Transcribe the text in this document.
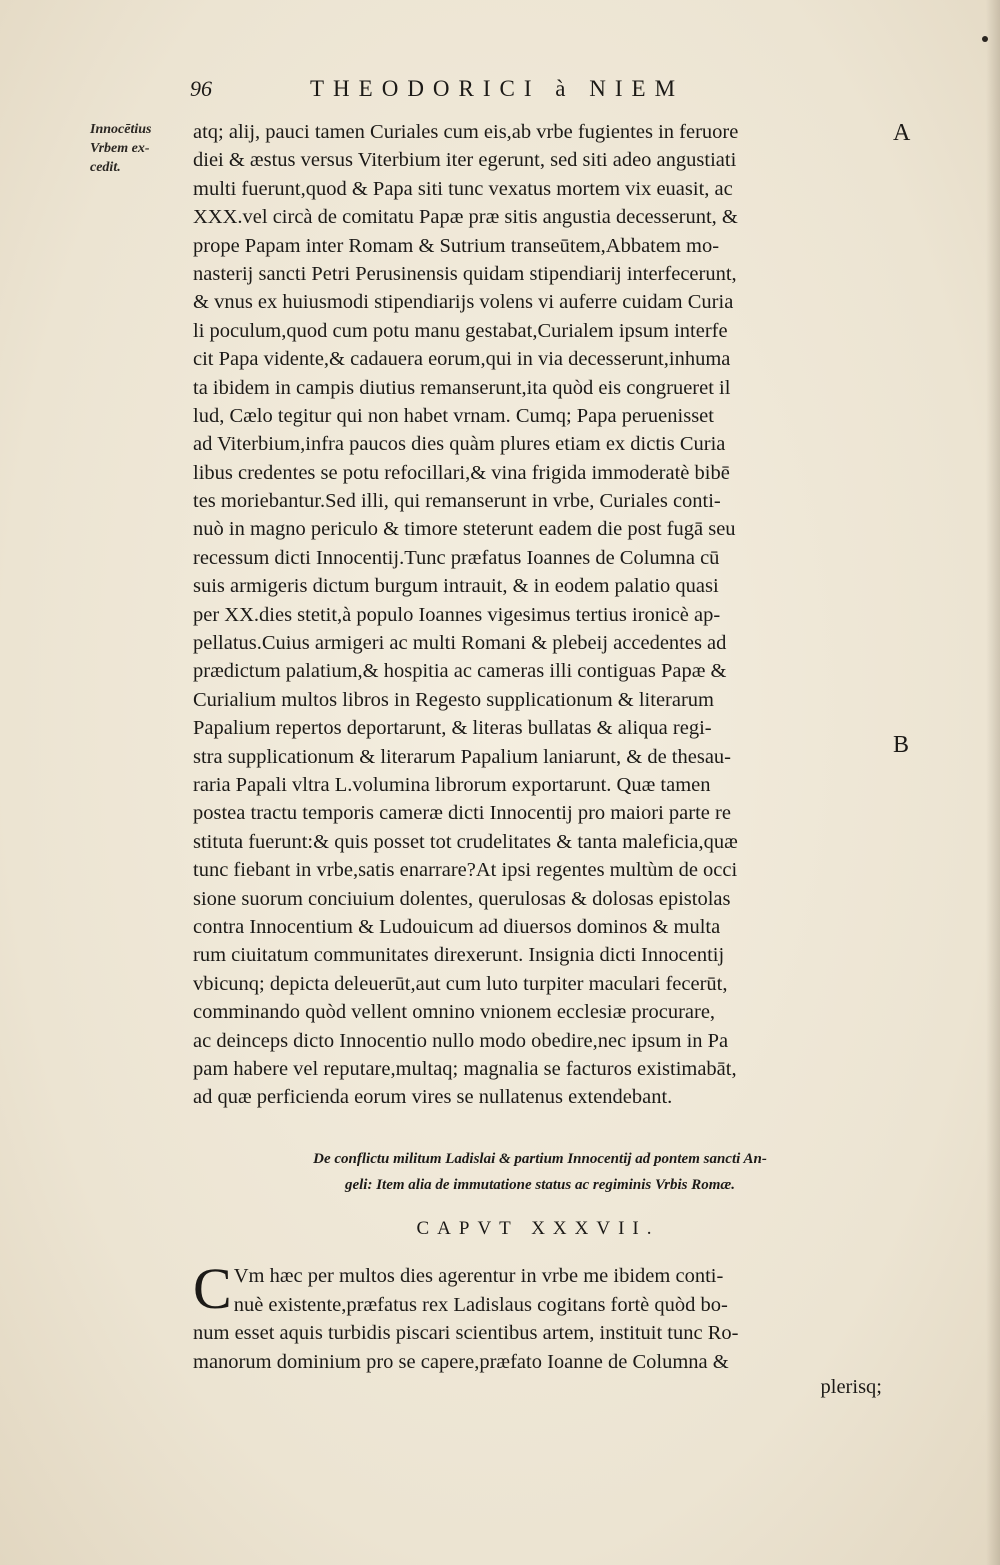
96	THEODORICI à NIEM
Innocētius
Vrbem ex-
cedit.
A
B
atq; alij, pauci tamen Curiales cum eis,ab vrbe fugientes in feruore
diei & æstus versus Viterbium iter egerunt, sed siti adeo angustiati
multi fuerunt,quod & Papa siti tunc vexatus mortem vix euasit, ac
XXX.vel circà de comitatu Papæ præ sitis angustia decesserunt, &
prope Papam inter Romam & Sutrium transeūtem,Abbatem mo-
nasterij sancti Petri Perusinensis quidam stipendiarij interfecerunt,
& vnus ex huiusmodi stipendiarijs volens vi auferre cuidam Curia
li poculum,quod cum potu manu gestabat,Curialem ipsum interfe
cit Papa vidente,& cadauera eorum,qui in via decesserunt,inhuma
ta ibidem in campis diutius remanserunt,ita quòd eis congrueret il
lud, Cælo tegitur qui non habet vrnam. Cumq; Papa peruenisset
ad Viterbium,infra paucos dies quàm plures etiam ex dictis Curia
libus credentes se potu refocillari,& vina frigida immoderatè bibē
tes moriebantur.Sed illi, qui remanserunt in vrbe, Curiales conti-
nuò in magno periculo & timore steterunt eadem die post fugā seu
recessum dicti Innocentij.Tunc præfatus Ioannes de Columna cū
suis armigeris dictum burgum intrauit, & in eodem palatio quasi
per XX.dies stetit,à populo Ioannes vigesimus tertius ironicè ap-
pellatus.Cuius armigeri ac multi Romani & plebeij accedentes ad
prædictum palatium,& hospitia ac cameras illi contiguas Papæ &
Curialium multos libros in Regesto supplicationum & literarum
Papalium repertos deportarunt, & literas bullatas & aliqua regi-
stra supplicationum & literarum Papalium laniarunt, & de thesau-
raria Papali vltra L.volumina librorum exportarunt. Quæ tamen
postea tractu temporis cameræ dicti Innocentij pro maiori parte re
stituta fuerunt:& quis posset tot crudelitates & tanta maleficia,quæ
tunc fiebant in vrbe,satis enarrare?At ipsi regentes multùm de occi
sione suorum conciuium dolentes, querulosas & dolosas epistolas
contra Innocentium & Ludouicum ad diuersos dominos & multa
rum ciuitatum communitates direxerunt. Insignia dicti Innocentij
vbicunq; depicta deleuerūt,aut cum luto turpiter maculari fecerūt,
comminando quòd vellent omnino vnionem ecclesiæ procurare,
ac deinceps dicto Innocentio nullo modo obedire,nec ipsum in Pa
pam habere vel reputare,multaq; magnalia se facturos existimabāt,
ad quæ perficienda eorum vires se nullatenus extendebant.
De conflictu militum Ladislai & partium Innocentij ad pontem sancti An-
geli: Item alia de immutatione status ac regiminis Vrbis Romæ.
CAPVT XXXVII.
C Vm hæc per multos dies agerentur in vrbe me ibidem conti-
nuè existente,præfatus rex Ladislaus cogitans fortè quòd bo-
num esset aquis turbidis piscari scientibus artem, instituit tunc Ro-
manorum dominium pro se capere,præfato Ioanne de Columna &
plerisq;
